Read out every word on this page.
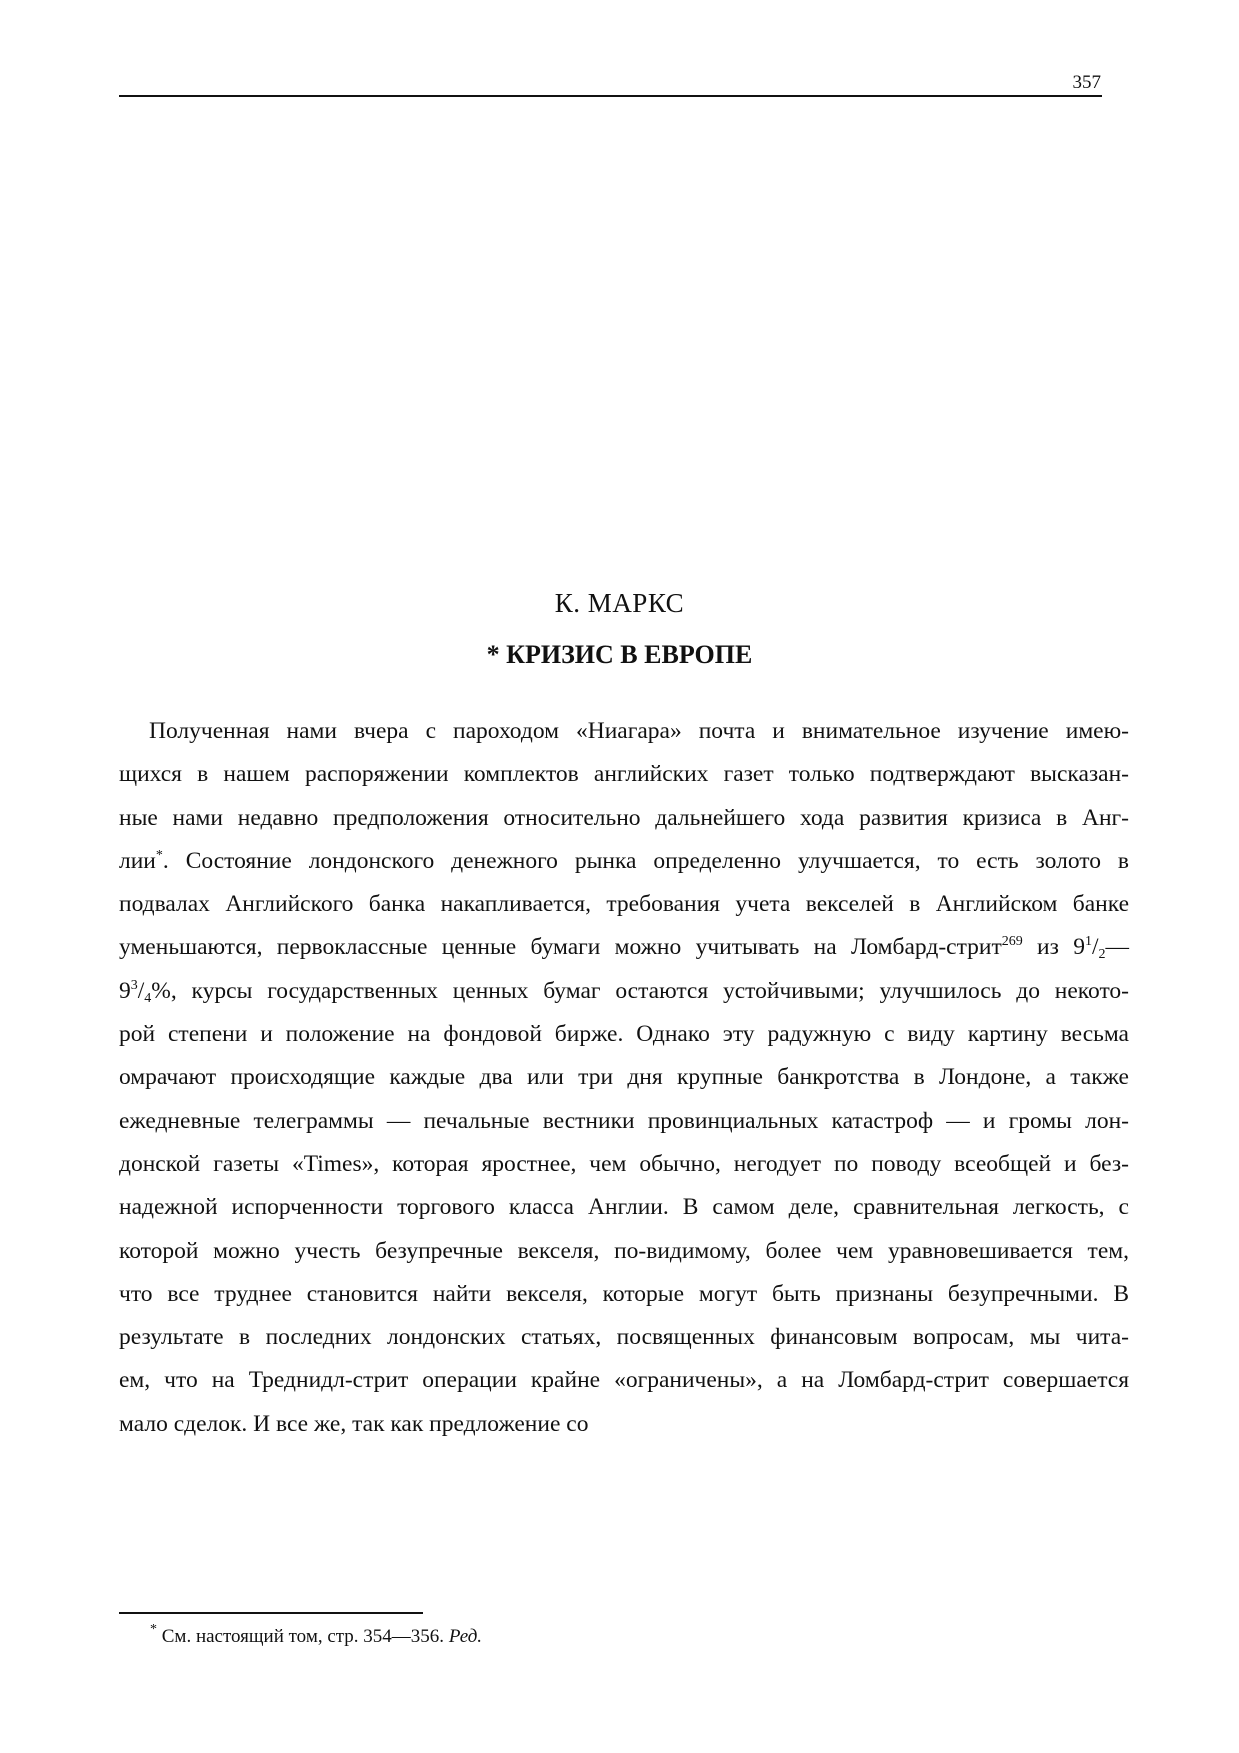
357
К. МАРКС
* КРИЗИС В ЕВРОПЕ
Полученная нами вчера с пароходом «Ниагара» почта и внимательное изучение имею-
щихся в нашем распоряжении комплектов английских газет только подтверждают высказан-
ные нами недавно предположения относительно дальнейшего хода развития кризиса в Анг-
лии*. Состояние лондонского денежного рынка определенно улучшается, то есть золото в
подвалах Английского банка накапливается, требования учета векселей в Английском банке
уменьшаются, первоклассные ценные бумаги можно учитывать на Ломбард-стрит$^{269}$ из $9^1/_2—$
$9^3/_4\%$, курсы государственных ценных бумаг остаются устойчивыми; улучшилось до некото-
рой степени и положение на фондовой бирже. Однако эту радужную с виду картину весьма
омрачают происходящие каждые два или три дня крупные банкротства в Лондоне, а также
ежедневные телеграммы — печальные вестники провинциальных катастроф — и громы лон-
донской газеты «Times», которая яростнее, чем обычно, негодует по поводу всеобщей и без-
надежной испорченности торгового класса Англии. В самом деле, сравнительная легкость, с
которой можно учесть безупречные векселя, по-видимому, более чем уравновешивается тем,
что все труднее становится найти векселя, которые могут быть признаны безупречными. В
результате в последних лондонских статьях, посвященных финансовым вопросам, мы чита-
ем, что на Треднидл-стрит операции крайне «ограничены», а на Ломбард-стрит совершается
мало сделок. И все же, так как предложение со
* См. настоящий том, стр. 354—356. Ред.
